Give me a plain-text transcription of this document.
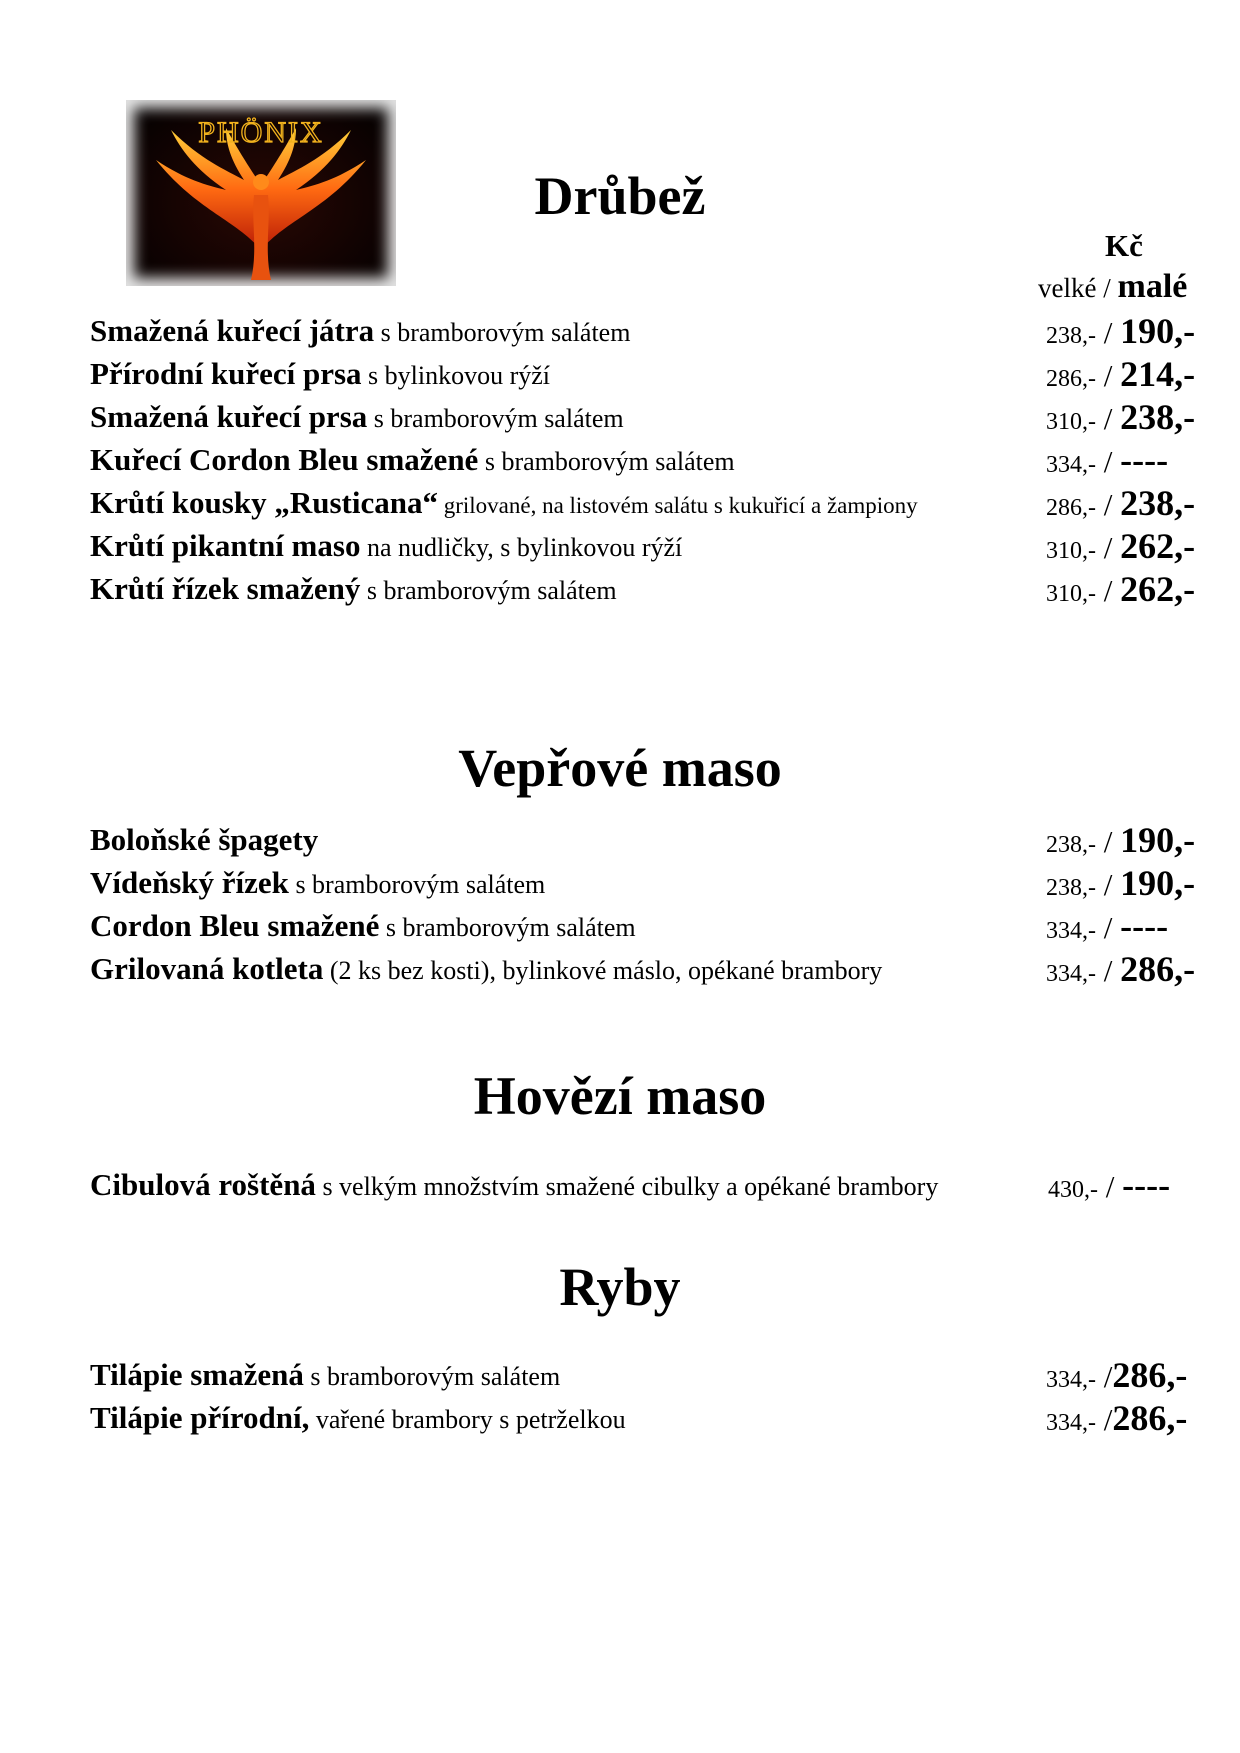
PHÖNIX
Drůbež
Kč
velké / malé
Smažená kuřecí játra s bramborovým salátem	238,- / 190,-
Přírodní kuřecí prsa s bylinkovou rýží	286,- / 214,-
Smažená kuřecí prsa s bramborovým salátem	310,- / 238,-
Kuřecí Cordon Bleu smažené s bramborovým salátem	334,- / ----
Krůtí kousky „Rusticana“ grilované, na listovém salátu s kukuřicí a žampiony	286,- / 238,-
Krůtí pikantní maso na nudličky, s bylinkovou rýží	310,- / 262,-
Krůtí řízek smažený s bramborovým salátem	310,- / 262,-
Vepřové maso
Boloňské špagety	238,- / 190,-
Vídeňský řízek s bramborovým salátem	238,- / 190,-
Cordon Bleu smažené s bramborovým salátem	334,- / ----
Grilovaná kotleta (2 ks bez kosti), bylinkové máslo, opékané brambory	334,- / 286,-
Hovězí maso
Cibulová roštěná s velkým množstvím smažené cibulky a opékané brambory	430,- / ----
Ryby
Tilápie smažená s bramborovým salátem	334,- /286,-
Tilápie přírodní, vařené brambory s petrželkou	334,- /286,-
